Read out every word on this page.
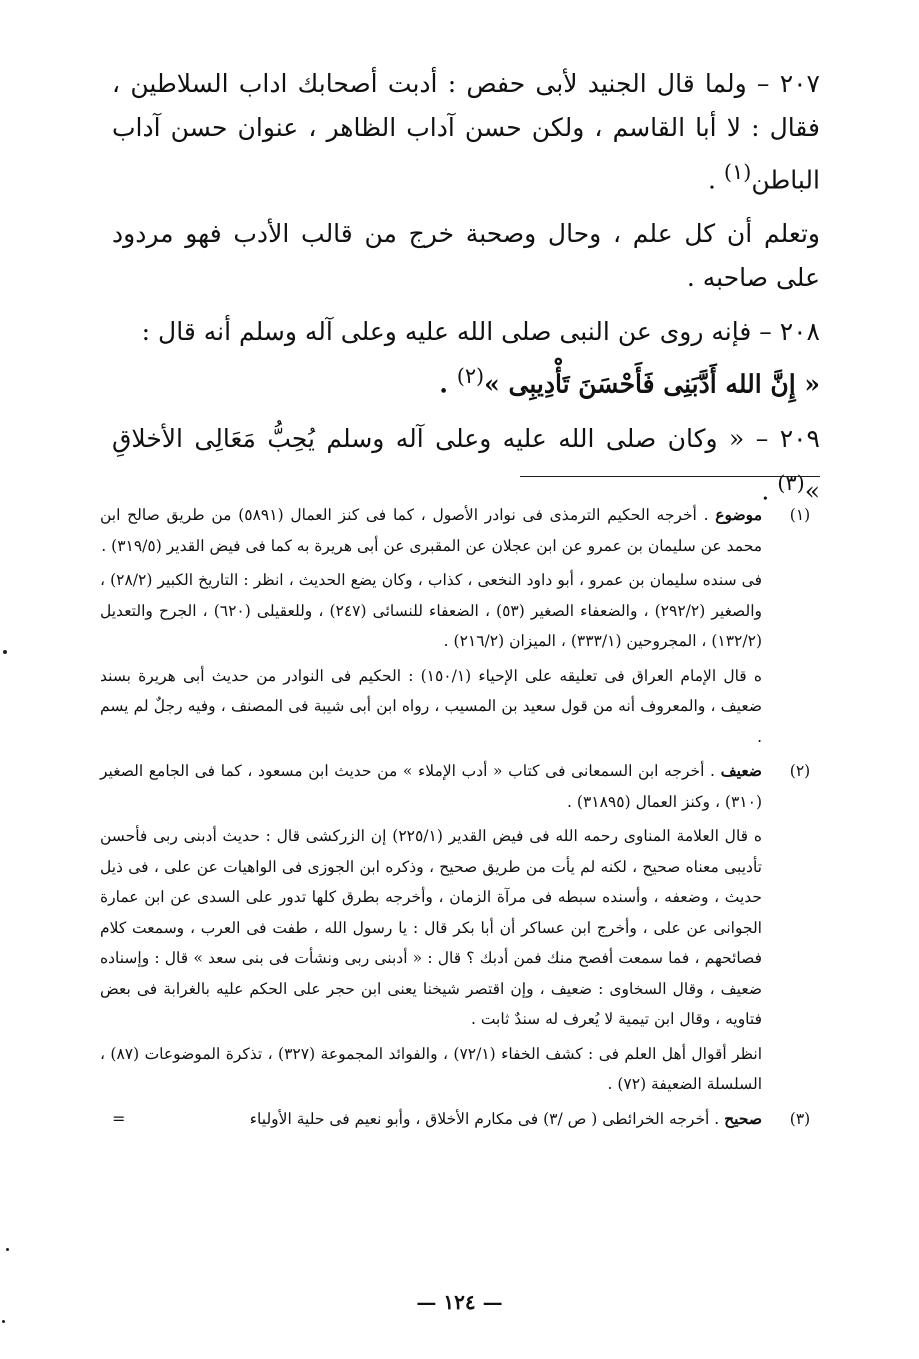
٢٠٧ – ولما قال الجنيد لأبى حفص : أدبت أصحابك اداب السلاطين ، فقال : لا أبا القاسم ، ولكن حسن آداب الظاهر ، عنوان حسن آداب الباطن$^{(١)}$ .

وتعلم أن كل علم ، وحال وصحبة خرج من قالب الأدب فهو مردود على صاحبه .

٢٠٨ – فإنه روى عن النبى صلى الله عليه وعلى آله وسلم أنه قال :

« إِنَّ الله أَدَّبَنِى فَأَحْسَنَ تَأْدِيبِى »$^{(٢)}$ .

٢٠٩ – « وكان صلى الله عليه وعلى آله وسلم يُحِبُّ مَعَالِى الأخلاقِ »$^{(٣)}$ .

(١)

موضوع . أخرجه الحكيم الترمذى فى نوادر الأصول ، كما فى كنز العمال (٥٨٩١) من طريق صالح ابن محمد عن سليمان بن عمرو عن ابن عجلان عن المقبرى عن أبى هريرة به كما فى فيض القدير (٣١٩/٥) .

فى سنده سليمان بن عمرو ، أبو داود النخعى ، كذاب ، وكان يضع الحديث ، انظر : التاريخ الكبير (٢٨/٢) ، والصغير (٢٩٢/٢) ، والضعفاء الصغير (٥٣) ، الضعفاء للنسائى (٢٤٧) ، وللعقيلى (٦٢٠) ، الجرح والتعديل (١٣٢/٢) ، المجروحين (٣٣٣/١) ، الميزان (٢١٦/٢) .

ه قال الإمام العراق فى تعليقه على الإحياء (١٥٠/١) : الحكيم فى النوادر من حديث أبى هريرة بسند ضعيف ، والمعروف أنه من قول سعيد بن المسيب ، رواه ابن أبى شيبة فى المصنف ، وفيه رجلٌ لم يسم .

(٢)

ضعيف . أخرجه ابن السمعانى فى كتاب « أدب الإملاء » من حديث ابن مسعود ، كما فى الجامع الصغير (٣١٠) ، وكنز العمال (٣١٨٩٥) .

ه قال العلامة المناوى رحمه الله فى فيض القدير (٢٢٥/١) إن الزركشى قال : حديث أدبنى ربى فأحسن تأديبى معناه صحيح ، لكنه لم يأت من طريق صحيح ، وذكره ابن الجوزى فى الواهيات عن على ، فى ذيل حديث ، وضعفه ، وأسنده سبطه فى مرآة الزمان ، وأخرجه بطرق كلها تدور على السدى عن ابن عمارة الجوانى عن على ، وأخرج ابن عساكر أن أبا بكر قال : يا رسول الله ، طفت فى العرب ، وسمعت كلام فصائحهم ، فما سمعت أفصح منك فمن أدبك ؟ قال : « أدبنى ربى ونشأت فى بنى سعد » قال : وإسناده ضعيف ، وقال السخاوى : ضعيف ، وإن اقتصر شيخنا يعنى ابن حجر على الحكم عليه بالغرابة فى بعض فتاويه ، وقال ابن تيمية لا يُعرف له سندٌ ثابت .

انظر أقوال أهل العلم فى : كشف الخفاء (٧٢/١) ، والفوائد المجموعة (٣٢٧) ، تذكرة الموضوعات (٨٧) ، السلسلة الضعيفة (٧٢) .

(٣)

صحيح . أخرجه الخرائطى ( ص /٣) فى مكارم الأخلاق ، وأبو نعيم فى حلية الأولياء

=
— ١٢٤ —
